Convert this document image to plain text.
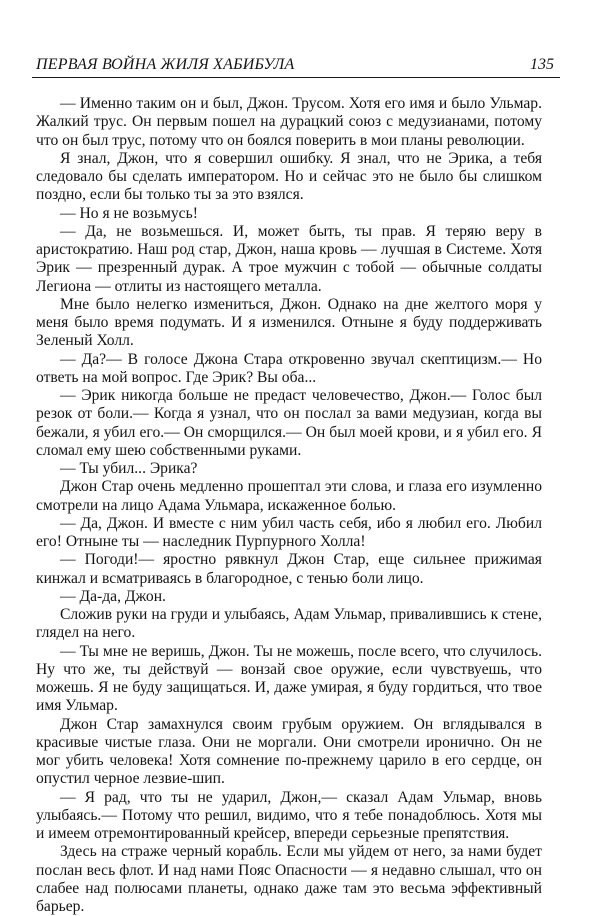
ПЕРВАЯ ВОЙНА ЖИЛЯ ХАБИБУЛА	135

— Именно таким он и был, Джон. Трусом. Хотя его имя и было Ульмар. Жалкий трус. Он первым пошел на дурацкий союз с медузианами, потому что он был трус, потому что он боялся поверить в мои планы революции.

Я знал, Джон, что я совершил ошибку. Я знал, что не Эрика, а тебя следовало бы сделать императором. Но и сейчас это не было бы слишком поздно, если бы только ты за это взялся.

— Но я не возьмусь!

— Да, не возьмешься. И, может быть, ты прав. Я теряю веру в аристократию. Наш род стар, Джон, наша кровь — лучшая в Системе. Хотя Эрик — презренный дурак. А трое мужчин с тобой — обычные солдаты Легиона — отлиты из настоящего металла.

Мне было нелегко измениться, Джон. Однако на дне желтого моря у меня было время подумать. И я изменился. Отныне я буду поддерживать Зеленый Холл.

— Да?— В голосе Джона Стара откровенно звучал скептицизм.— Но ответь на мой вопрос. Где Эрик? Вы оба...

— Эрик никогда больше не предаст человечество, Джон.— Голос был резок от боли.— Когда я узнал, что он послал за вами медузиан, когда вы бежали, я убил его.— Он сморщился.— Он был моей крови, и я убил его. Я сломал ему шею собственными руками.

— Ты убил... Эрика?

Джон Стар очень медленно прошептал эти слова, и глаза его изумленно смотрели на лицо Адама Ульмара, искаженное болью.

— Да, Джон. И вместе с ним убил часть себя, ибо я любил его. Любил его! Отныне ты — наследник Пурпурного Холла!

— Погоди!— яростно рявкнул Джон Стар, еще сильнее прижимая кинжал и всматриваясь в благородное, с тенью боли лицо.

— Да-да, Джон.

Сложив руки на груди и улыбаясь, Адам Ульмар, привалившись к стене, глядел на него.

— Ты мне не веришь, Джон. Ты не можешь, после всего, что случилось. Ну что же, ты действуй — вонзай свое оружие, если чувствуешь, что можешь. Я не буду защищаться. И, даже умирая, я буду гордиться, что твое имя Ульмар.

Джон Стар замахнулся своим грубым оружием. Он вглядывался в красивые чистые глаза. Они не моргали. Они смотрели иронично. Он не мог убить человека! Хотя сомнение по-прежнему царило в его сердце, он опустил черное лезвие-шип.

— Я рад, что ты не ударил, Джон,— сказал Адам Ульмар, вновь улыбаясь.— Потому что решил, видимо, что я тебе понадоблюсь. Хотя мы и имеем отремонтированный крейсер, впереди серьезные препятствия.

Здесь на страже черный корабль. Если мы уйдем от него, за нами будет послан весь флот. И над нами Пояс Опасности — я недавно слышал, что он слабее над полюсами планеты, однако даже там это весьма эффективный барьер.
